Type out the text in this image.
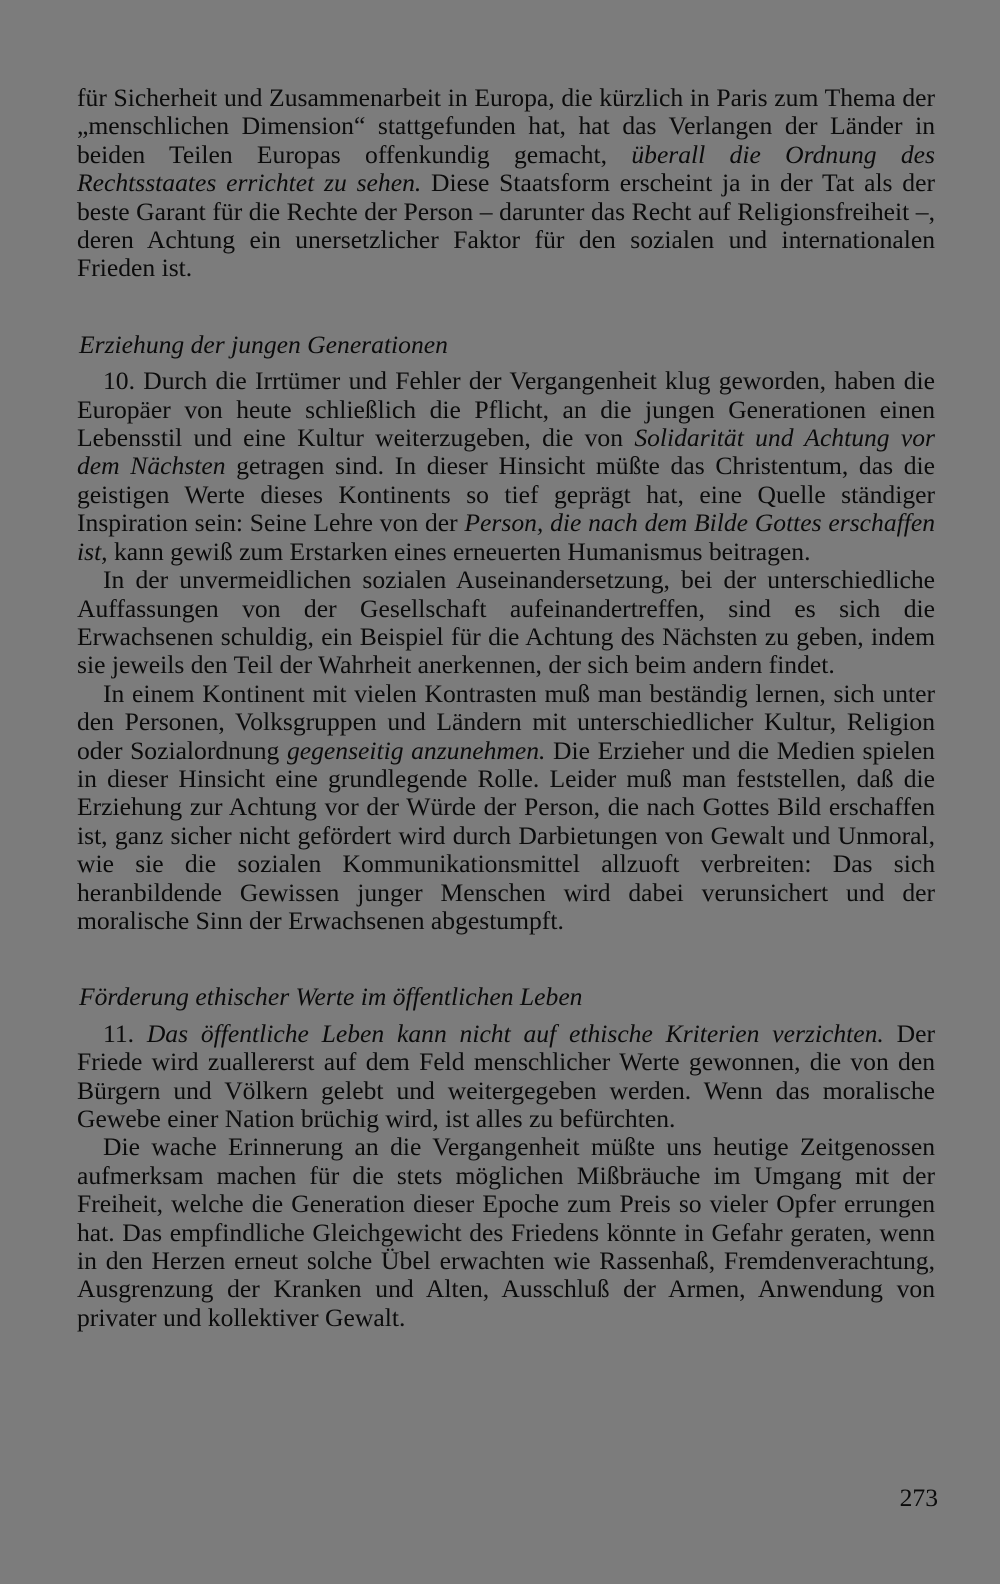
für Sicherheit und Zusammenarbeit in Europa, die kürzlich in Paris zum Thema der „menschlichen Dimension“ stattgefunden hat, hat das Verlangen der Länder in beiden Teilen Europas offenkundig gemacht, überall die Ordnung des Rechtsstaates errichtet zu sehen. Diese Staatsform erscheint ja in der Tat als der beste Garant für die Rechte der Person – darunter das Recht auf Religionsfreiheit –, deren Achtung ein unersetzlicher Faktor für den sozialen und internationalen Frieden ist.

Erziehung der jungen Generationen

10. Durch die Irrtümer und Fehler der Vergangenheit klug geworden, haben die Europäer von heute schließlich die Pflicht, an die jungen Generationen einen Lebensstil und eine Kultur weiterzugeben, die von Solidarität und Achtung vor dem Nächsten getragen sind. In dieser Hinsicht müßte das Christentum, das die geistigen Werte dieses Kontinents so tief geprägt hat, eine Quelle ständiger Inspiration sein: Seine Lehre von der Person, die nach dem Bilde Gottes erschaffen ist, kann gewiß zum Erstarken eines erneuerten Humanismus beitragen.

In der unvermeidlichen sozialen Auseinandersetzung, bei der unterschiedliche Auffassungen von der Gesellschaft aufeinandertreffen, sind es sich die Erwachsenen schuldig, ein Beispiel für die Achtung des Nächsten zu geben, indem sie jeweils den Teil der Wahrheit anerkennen, der sich beim andern findet.

In einem Kontinent mit vielen Kontrasten muß man beständig lernen, sich unter den Personen, Volksgruppen und Ländern mit unterschiedlicher Kultur, Religion oder Sozialordnung gegenseitig anzunehmen. Die Erzieher und die Medien spielen in dieser Hinsicht eine grundlegende Rolle. Leider muß man feststellen, daß die Erziehung zur Achtung vor der Würde der Person, die nach Gottes Bild erschaffen ist, ganz sicher nicht gefördert wird durch Darbietungen von Gewalt und Unmoral, wie sie die sozialen Kommunikationsmittel allzuoft verbreiten: Das sich heranbildende Gewissen junger Menschen wird dabei verunsichert und der moralische Sinn der Erwachsenen abgestumpft.

Förderung ethischer Werte im öffentlichen Leben

11. Das öffentliche Leben kann nicht auf ethische Kriterien verzichten. Der Friede wird zuallererst auf dem Feld menschlicher Werte gewonnen, die von den Bürgern und Völkern gelebt und weitergegeben werden. Wenn das moralische Gewebe einer Nation brüchig wird, ist alles zu befürchten.

Die wache Erinnerung an die Vergangenheit müßte uns heutige Zeitgenossen aufmerksam machen für die stets möglichen Mißbräuche im Umgang mit der Freiheit, welche die Generation dieser Epoche zum Preis so vieler Opfer errungen hat. Das empfindliche Gleichgewicht des Friedens könnte in Gefahr geraten, wenn in den Herzen erneut solche Übel erwachten wie Rassenhaß, Fremdenverachtung, Ausgrenzung der Kranken und Alten, Ausschluß der Armen, Anwendung von privater und kollektiver Gewalt.

273
